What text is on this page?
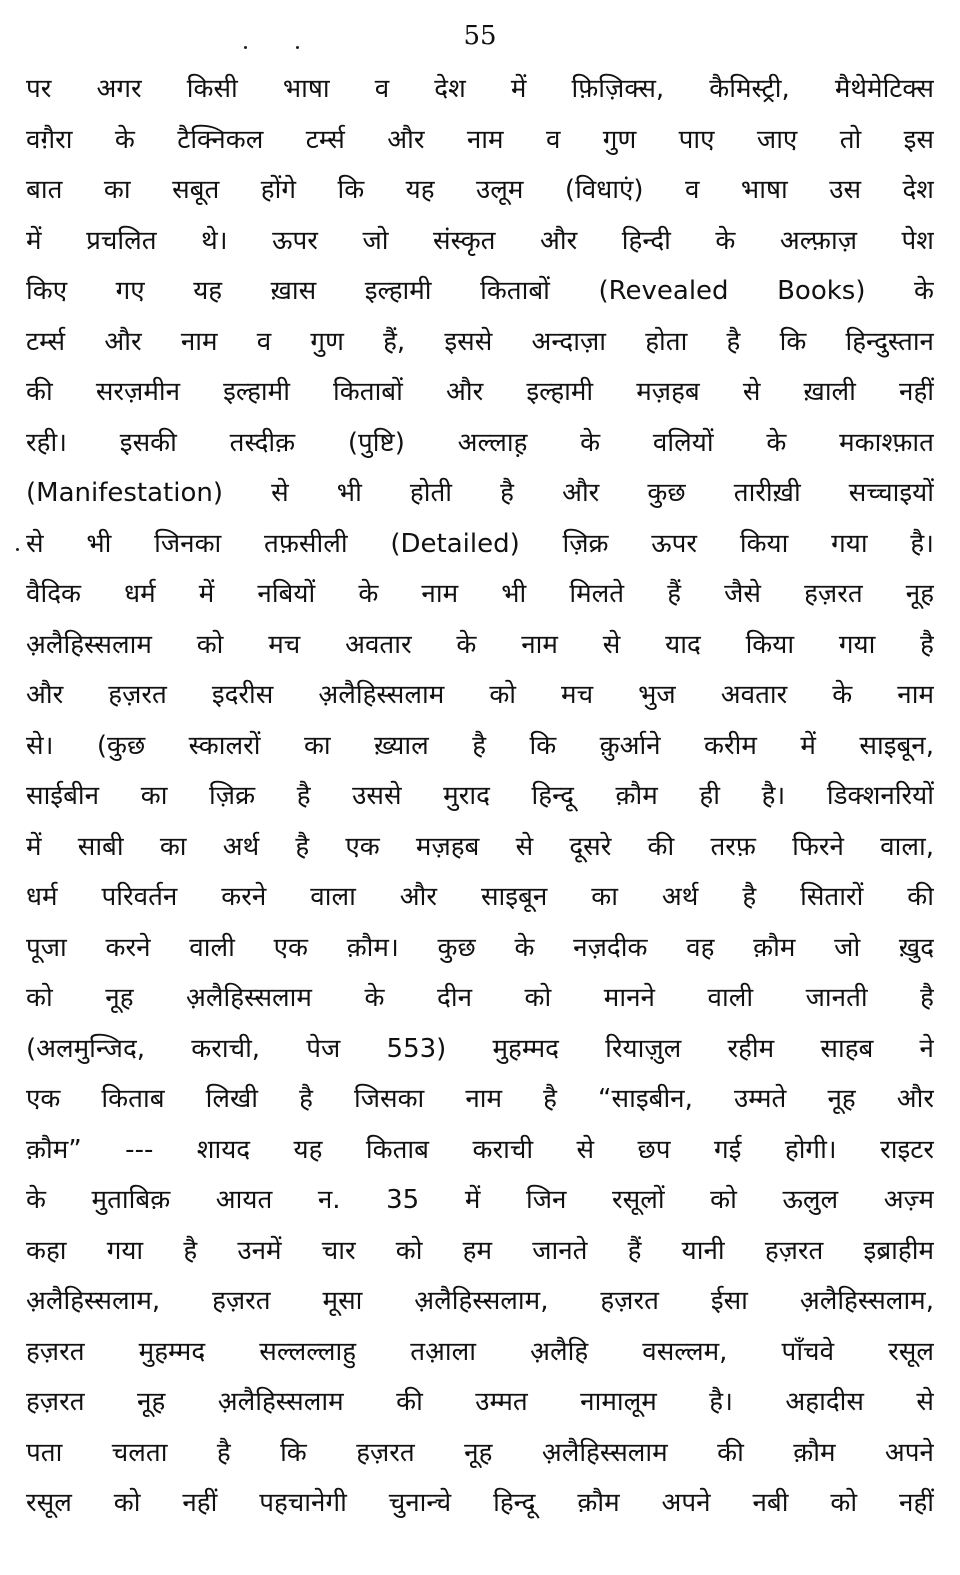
55
पर अगर किसी भाषा व देश में फ़िज़िक्स, कैमिस्ट्री, मैथेमेटिक्स
वग़ैरा के टैक्निकल टर्म्स और नाम व गुण पाए जाए तो इस
बात का सबूत होंगे कि यह उलूम (विधाएं) व भाषा उस देश
में प्रचलित थे। ऊपर जो संस्कृत और हिन्दी के अल्फ़ाज़ पेश
किए गए यह ख़ास इल्हामी किताबों (Revealed Books) के
टर्म्स और नाम व गुण हैं, इससे अन्दाज़ा होता है कि हिन्दुस्तान
की सरज़मीन इल्हामी किताबों और इल्हामी मज़हब से ख़ाली नहीं
रही। इसकी तस्दीक़ (पुष्टि) अल्लाह़ के वलियों के मकाश्फ़ात
(Manifestation) से भी होती है और कुछ तारीख़ी सच्चाइयों
से भी जिनका तफ़सीली (Detailed) ज़िक्र ऊपर किया गया है।
वैदिक धर्म में नबियों के नाम भी मिलते हैं जैसे हज़रत नूह
अ़लैहिस्सलाम को मच अवतार के नाम से याद किया गया है
और हज़रत इदरीस अ़लैहिस्सलाम को मच भुज अवतार के नाम
से। (कुछ स्कालरों का ख़्याल है कि क़ुर्आने करीम में साइबून,
साईबीन का ज़िक्र है उससे मुराद हिन्दू क़ौम ही है। डिक्शनरियों
में साबी का अर्थ है एक मज़हब से दूसरे की तरफ़ फिरने वाला,
धर्म परिवर्तन करने वाला और साइबून का अर्थ है सितारों की
पूजा करने वाली एक क़ौम। कुछ के नज़दीक वह क़ौम जो ख़ुद
को नूह अ़लैहिस्सलाम के दीन को मानने वाली जानती है
(अलमुन्जिद, कराची, पेज 553) मुहम्मद रियाज़ुल रहीम साहब ने
एक किताब लिखी है जिसका नाम है “साइबीन, उम्मते नूह और
क़ौम” --- शायद यह किताब कराची से छप गई होगी। राइटर
के मुताबिक़ आयत न. 35 में जिन रसूलों को ऊलुल अज़्म
कहा गया है उनमें चार को हम जानते हैं यानी हज़रत इब्राहीम
अ़लैहिस्सलाम, हज़रत मूसा अ़लैहिस्सलाम, हज़रत ईसा अ़लैहिस्सलाम,
हज़रत मुहम्मद सल्लल्लाहु तआ़ला अ़लैहि वसल्लम, पाँचवे रसूल
हज़रत नूह अ़लैहिस्सलाम की उम्मत नामालूम है। अहादीस से
पता चलता है कि हज़रत नूह अ़लैहिस्सलाम की क़ौम अपने
रसूल को नहीं पहचानेगी चुनान्चे हिन्दू क़ौम अपने नबी को नहीं
